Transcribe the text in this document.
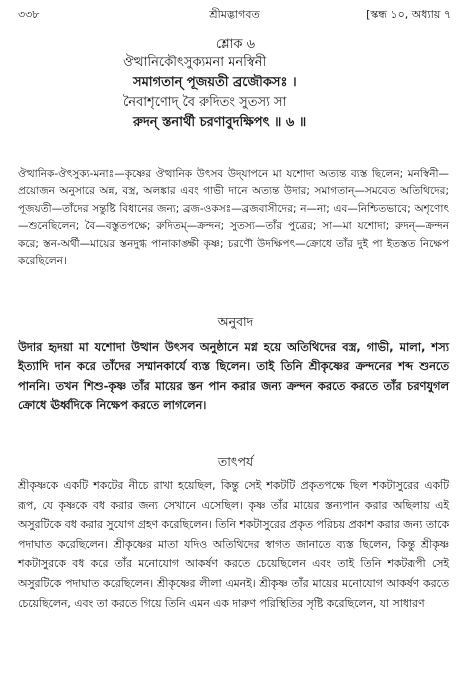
৩৩৮	শ্রীমদ্ভাগবত	[স্কন্ধ ১০, অধ্যায় ৭
শ্লোক ৬
ঔত্থানিকৌৎসুক্যমনা মনস্বিনী
সমাগতান্‌ পূজয়তী ব্রজৌকসঃ ।
নৈবাশৃণোদ্‌ বৈ রুদিতং সুতস্য সা
রুদন্‌ স্তনার্থী চরণাবুদক্ষিপৎ ॥ ৬ ॥

ঔত্থানিক-ঔৎসুক্য-মনাঃ—কৃষ্ণের ঔত্থানিক উৎসব উদ্‌যাপনে মা যশোদা অত্যন্ত ব্যস্ত ছিলেন; মনস্বিনী—প্রয়োজন অনুসারে অন্ন, বস্ত্র, অলঙ্কার এবং গাভী দানে অত্যন্ত উদার; সমাগতান্‌—সমবেত অতিথিদের; পূজয়তী—তাঁদের সন্তুষ্টি বিধানের জন্য; ব্রজ-ওকসঃ—ব্রজবাসীদের; ন—না; এব—নিশ্চিতভাবে; অশৃণোৎ—শুনেছিলেন; বৈ—বস্তুতপক্ষে; রুদিতম্‌—ক্রন্দন; সুতস্য—তাঁর পুত্রের; সা—মা যশোদা; রুদন্‌—ক্রন্দন করে; স্তন-অর্থী—মায়ের স্তনদুগ্ধ পানাকাঙ্ক্ষী কৃষ্ণ; চরণৌ উদক্ষিপৎ—ক্রোধে তাঁর দুই পা ইতস্তত নিক্ষেপ করেছিলেন।

অনুবাদ

উদার হৃদয়া মা যশোদা উত্থান উৎসব অনুষ্ঠানে মগ্ন হয়ে অতিথিদের বস্ত্র, গাভী, মালা, শস্য ইত্যাদি দান করে তাঁদের সম্মানকার্যে ব্যস্ত ছিলেন। তাই তিনি শ্রীকৃষ্ণের ক্রন্দনের শব্দ শুনতে পাননি। তখন শিশু-কৃষ্ণ তাঁর মায়ের স্তন পান করার জন্য ক্রন্দন করতে করতে তাঁর চরণযুগল ক্রোধে ঊর্ধ্বদিকে নিক্ষেপ করতে লাগলেন।

তাৎপর্য

শ্রীকৃষ্ণকে একটি শকটের নীচে রাখা হয়েছিল, কিন্তু সেই শকটটি প্রকৃতপক্ষে ছিল শকটাসুরের একটি রূপ, যে কৃষ্ণকে বধ করার জন্য সেখানে এসেছিল। কৃষ্ণ তাঁর মায়ের স্তন্যপান করার অছিলায় এই অসুরটিকে বধ করার সুযোগ গ্রহণ করেছিলেন। তিনি শকটাসুরের প্রকৃত পরিচয় প্রকাশ করার জন্য তাকে পদাঘাত করেছিলেন। শ্রীকৃষ্ণের মাতা যদিও অতিথিদের স্বাগত জানাতে ব্যস্ত ছিলেন, কিন্তু শ্রীকৃষ্ণ শকটাসুরকে বধ করে তাঁর মনোযোগ আকর্ষণ করতে চেয়েছিলেন এবং তাই তিনি শকটরূপী সেই অসুরটিকে পদাঘাত করেছিলেন। শ্রীকৃষ্ণের লীলা এমনই। শ্রীকৃষ্ণ তাঁর মায়ের মনোযোগ আকর্ষণ করতে চেয়েছিলেন, এবং তা করতে গিয়ে তিনি এমন এক দারুণ পরিস্থিতির সৃষ্টি করেছিলেন, যা সাধারণ
